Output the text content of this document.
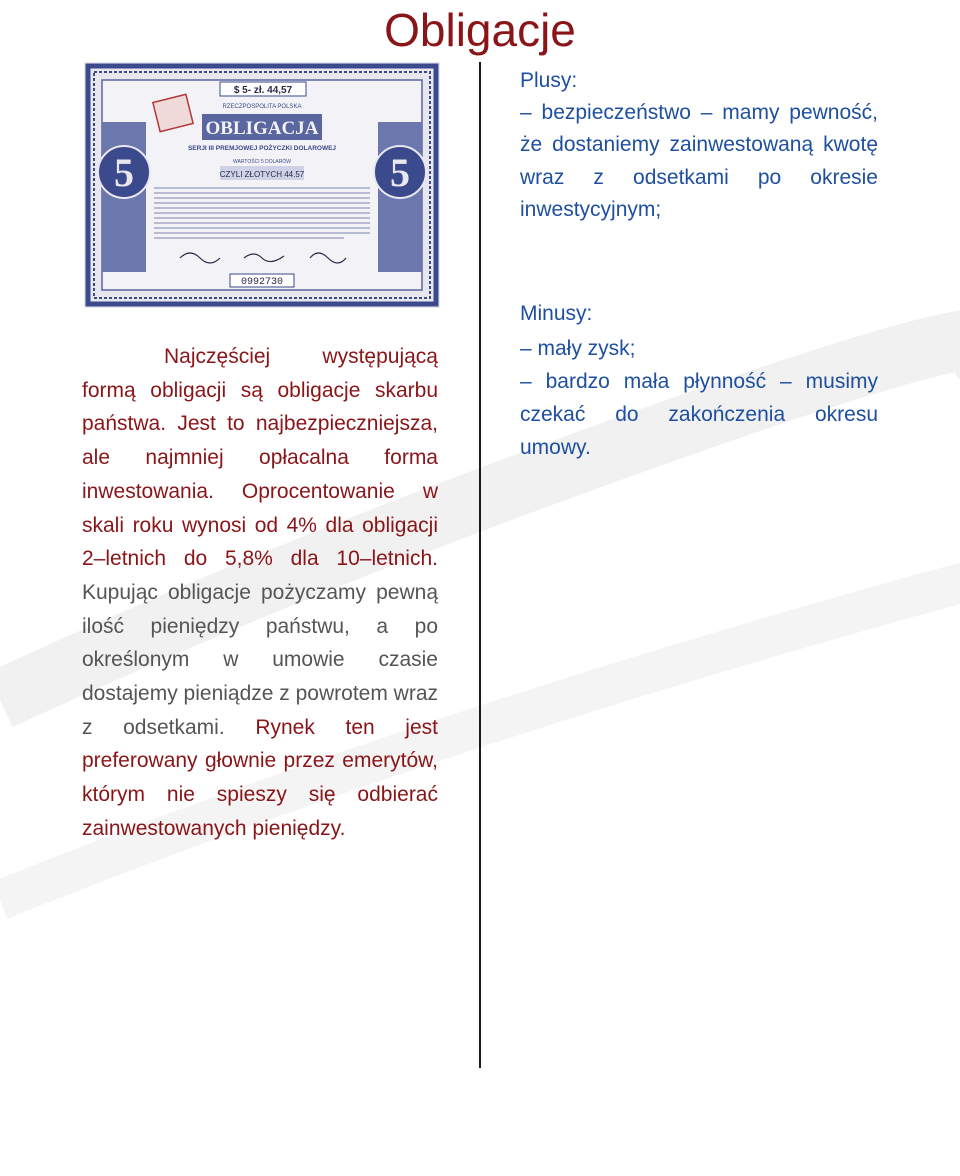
Obligacje
5	5
$ 5- zł. 44,57
RZECZPOSPOLITA POLSKA
OBLIGACJA
SERJI III PREMJOWEJ POŻYCZKI DOLAROWEJ
WARTOŚCI 5 DOLARÓW
CZYLI ZŁOTYCH 44.57
0992730

Najczęściej występującą formą obligacji są obligacje skarbu państwa. Jest to najbezpieczniejsza, ale najmniej opłacalna forma inwestowania. Oprocentowanie w skali roku wynosi od 4% dla obligacji 2–letnich do 5,8% dla 10–letnich. Kupując obligacje pożyczamy pewną ilość pieniędzy państwu, a po określonym w umowie czasie dostajemy pieniądze z powrotem wraz z odsetkami. Rynek ten jest preferowany głownie przez emerytów, którym nie spieszy się odbierać zainwestowanych pieniędzy.

Plusy:

– bezpieczeństwo – mamy pewność, że dostaniemy zainwestowaną kwotę wraz z odsetkami po okresie inwestycyjnym;

Minusy:
– mały zysk;
– bardzo mała płynność – musimy czekać do zakończenia okresu umowy.
